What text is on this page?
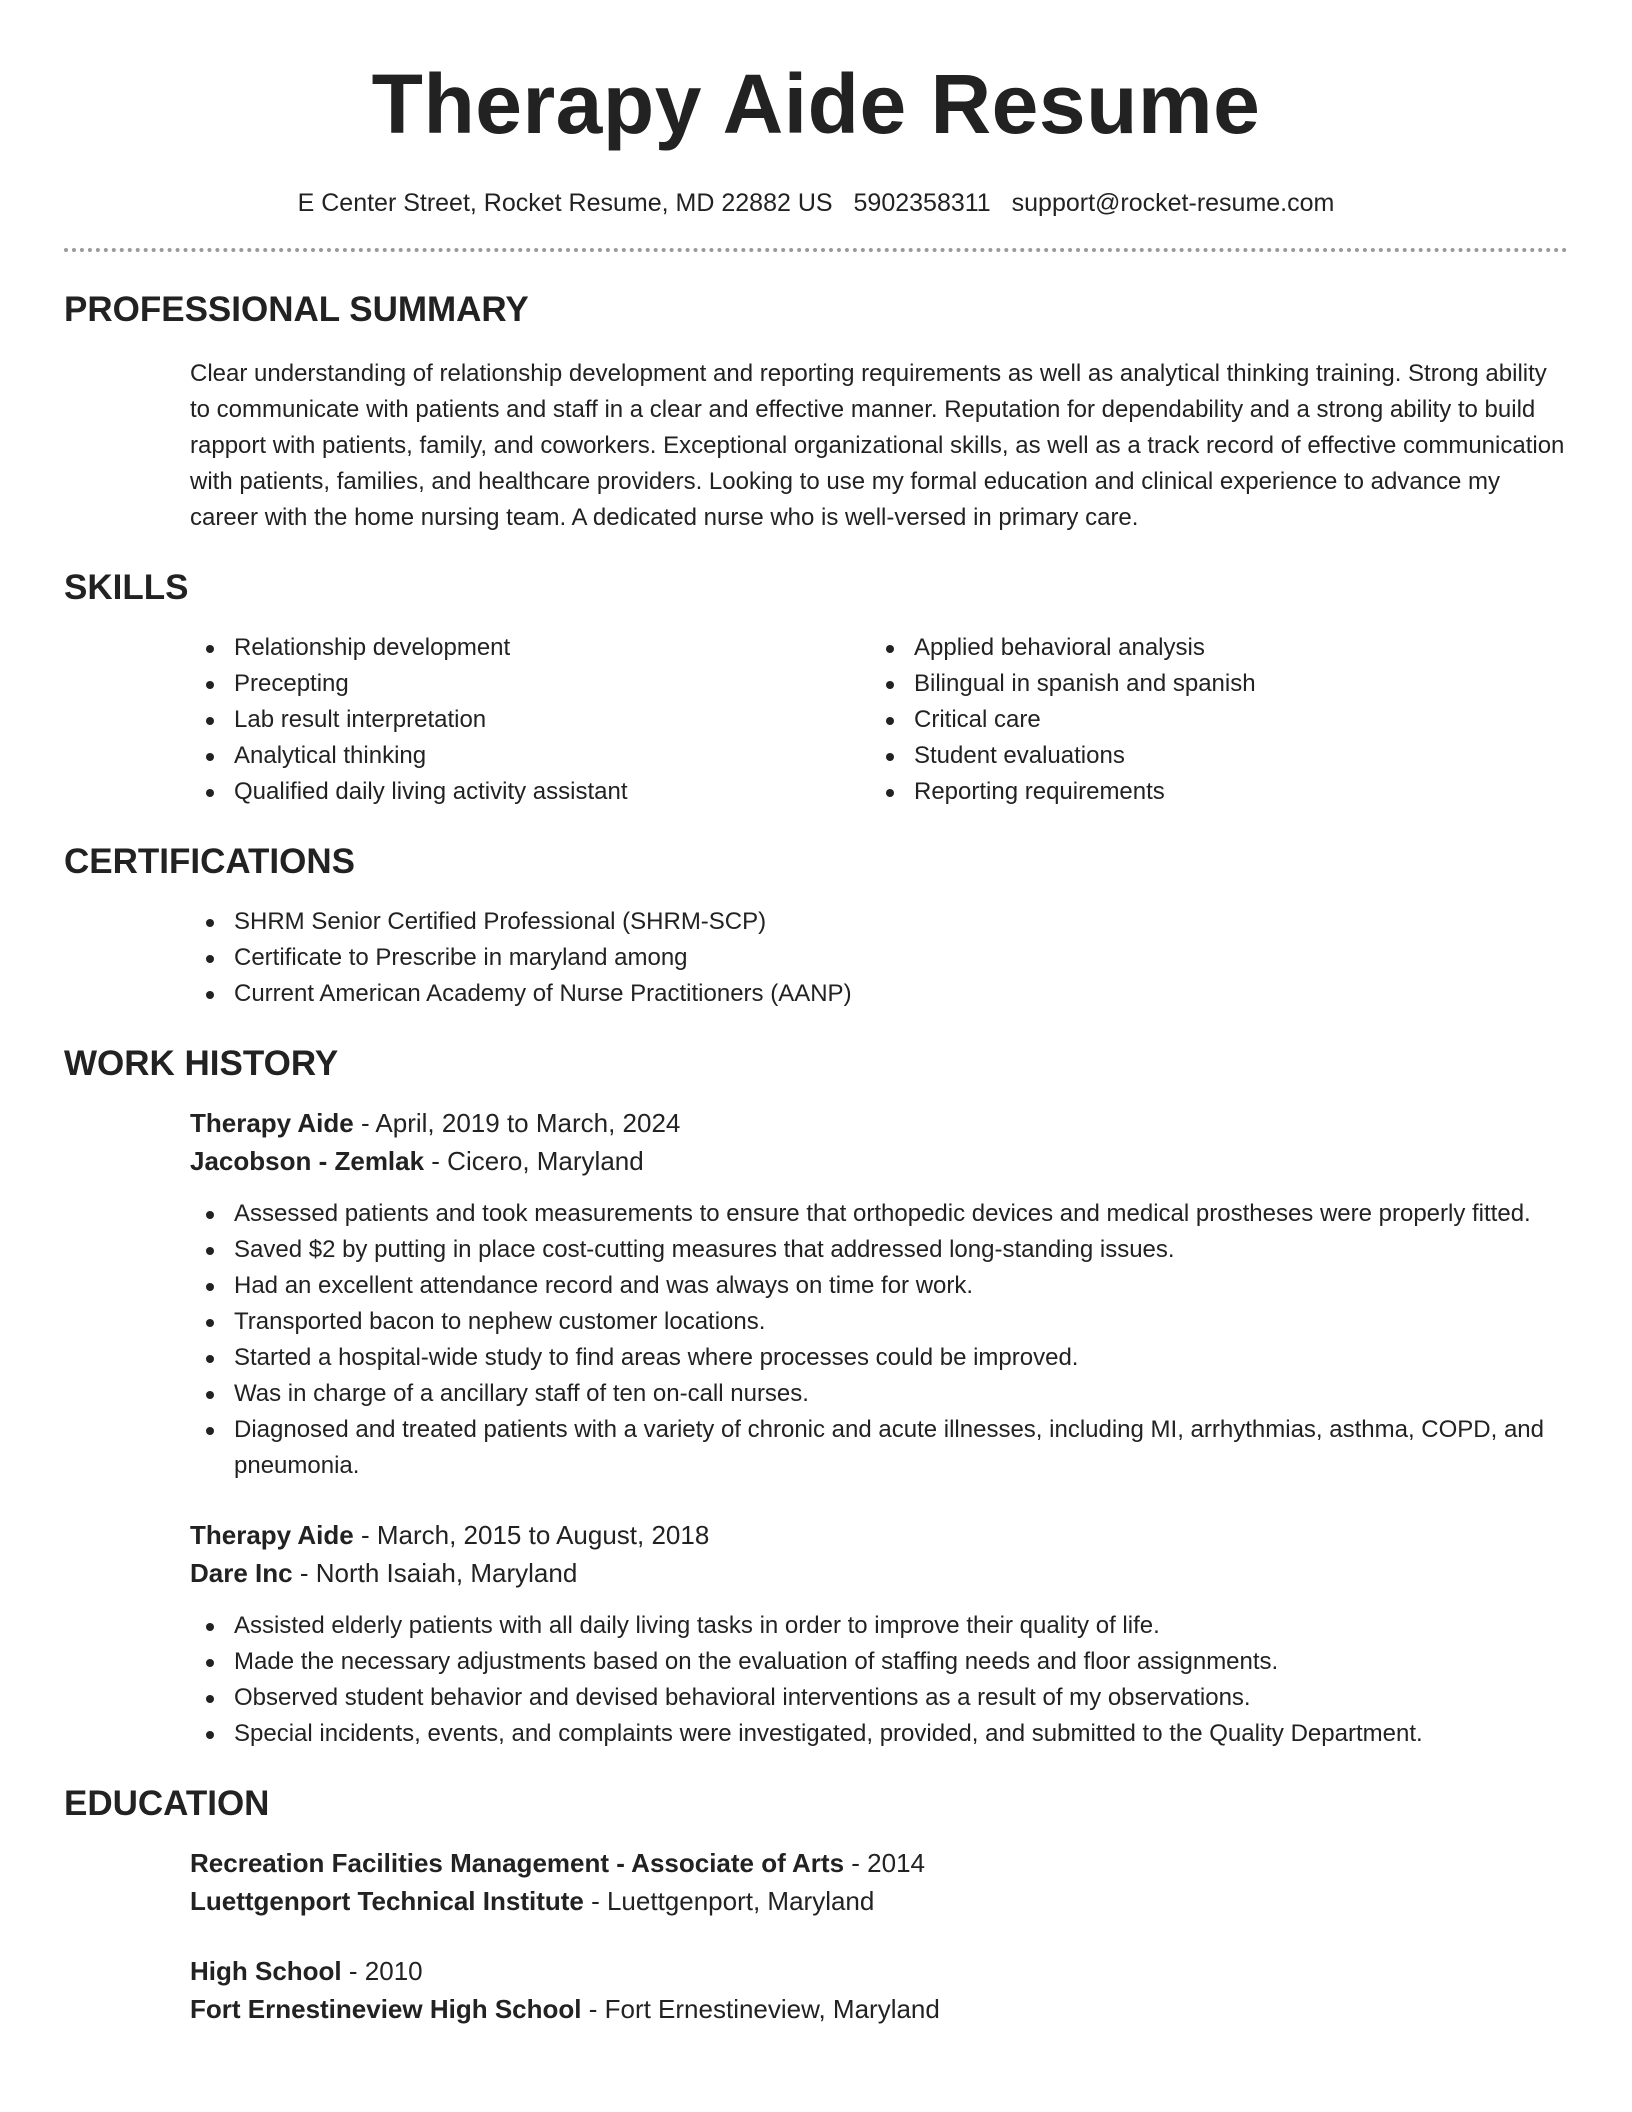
Therapy Aide Resume
E Center Street, Rocket Resume, MD 22882 US 5902358311 support@rocket-resume.com
PROFESSIONAL SUMMARY

Clear understanding of relationship development and reporting requirements as well as analytical thinking training. Strong ability to communicate with patients and staff in a clear and effective manner. Reputation for dependability and a strong ability to build rapport with patients, family, and coworkers. Exceptional organizational skills, as well as a track record of effective communication with patients, families, and healthcare providers. Looking to use my formal education and clinical experience to advance my career with the home nursing team. A dedicated nurse who is well-versed in primary care.

SKILLS
Relationship development
Precepting
Lab result interpretation
Analytical thinking
Qualified daily living activity assistant
Applied behavioral analysis
Bilingual in spanish and spanish
Critical care
Student evaluations
Reporting requirements
CERTIFICATIONS
SHRM Senior Certified Professional (SHRM-SCP)
Certificate to Prescribe in maryland among
Current American Academy of Nurse Practitioners (AANP)
WORK HISTORY
Therapy Aide - April, 2019 to March, 2024
Jacobson - Zemlak - Cicero, Maryland
Assessed patients and took measurements to ensure that orthopedic devices and medical prostheses were properly fitted.
Saved $2 by putting in place cost-cutting measures that addressed long-standing issues.
Had an excellent attendance record and was always on time for work.
Transported bacon to nephew customer locations.
Started a hospital-wide study to find areas where processes could be improved.
Was in charge of a ancillary staff of ten on-call nurses.
Diagnosed and treated patients with a variety of chronic and acute illnesses, including MI, arrhythmias, asthma, COPD, and pneumonia.
Therapy Aide - March, 2015 to August, 2018
Dare Inc - North Isaiah, Maryland
Assisted elderly patients with all daily living tasks in order to improve their quality of life.
Made the necessary adjustments based on the evaluation of staffing needs and floor assignments.
Observed student behavior and devised behavioral interventions as a result of my observations.
Special incidents, events, and complaints were investigated, provided, and submitted to the Quality Department.
EDUCATION
Recreation Facilities Management - Associate of Arts - 2014
Luettgenport Technical Institute - Luettgenport, Maryland
High School - 2010
Fort Ernestineview High School - Fort Ernestineview, Maryland
